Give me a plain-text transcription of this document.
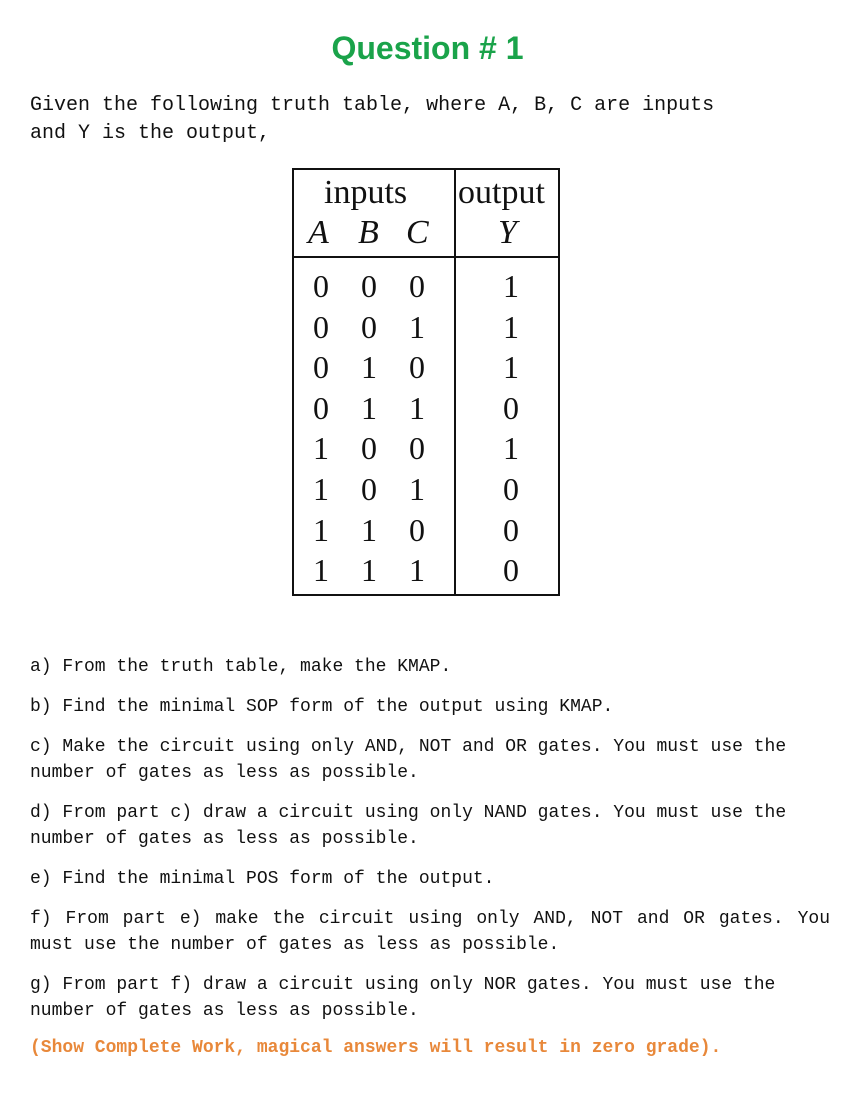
Question # 1
Given the following truth table, where A, B, C are inputs
and Y is the output,
inputs output
A B C Y
0 0 0 1
0 0 1 1
0 1 0 1
0 1 1 0
1 0 0 1
1 0 1 0
1 1 0 0
1 1 1 0
a) From the truth table, make the KMAP.
b) Find the minimal SOP form of the output using KMAP.
c) Make the circuit using only AND, NOT and OR gates. You must use the number of gates as less as possible.
d) From part c) draw a circuit using only NAND gates. You must use the number of gates as less as possible.
e) Find the minimal POS form of the output.
f) From part e) make the circuit using only AND, NOT and OR gates. You must use the number of gates as less as possible.
g) From part f) draw a circuit using only NOR gates. You must use the number of gates as less as possible.
(Show Complete Work, magical answers will result in zero grade).
